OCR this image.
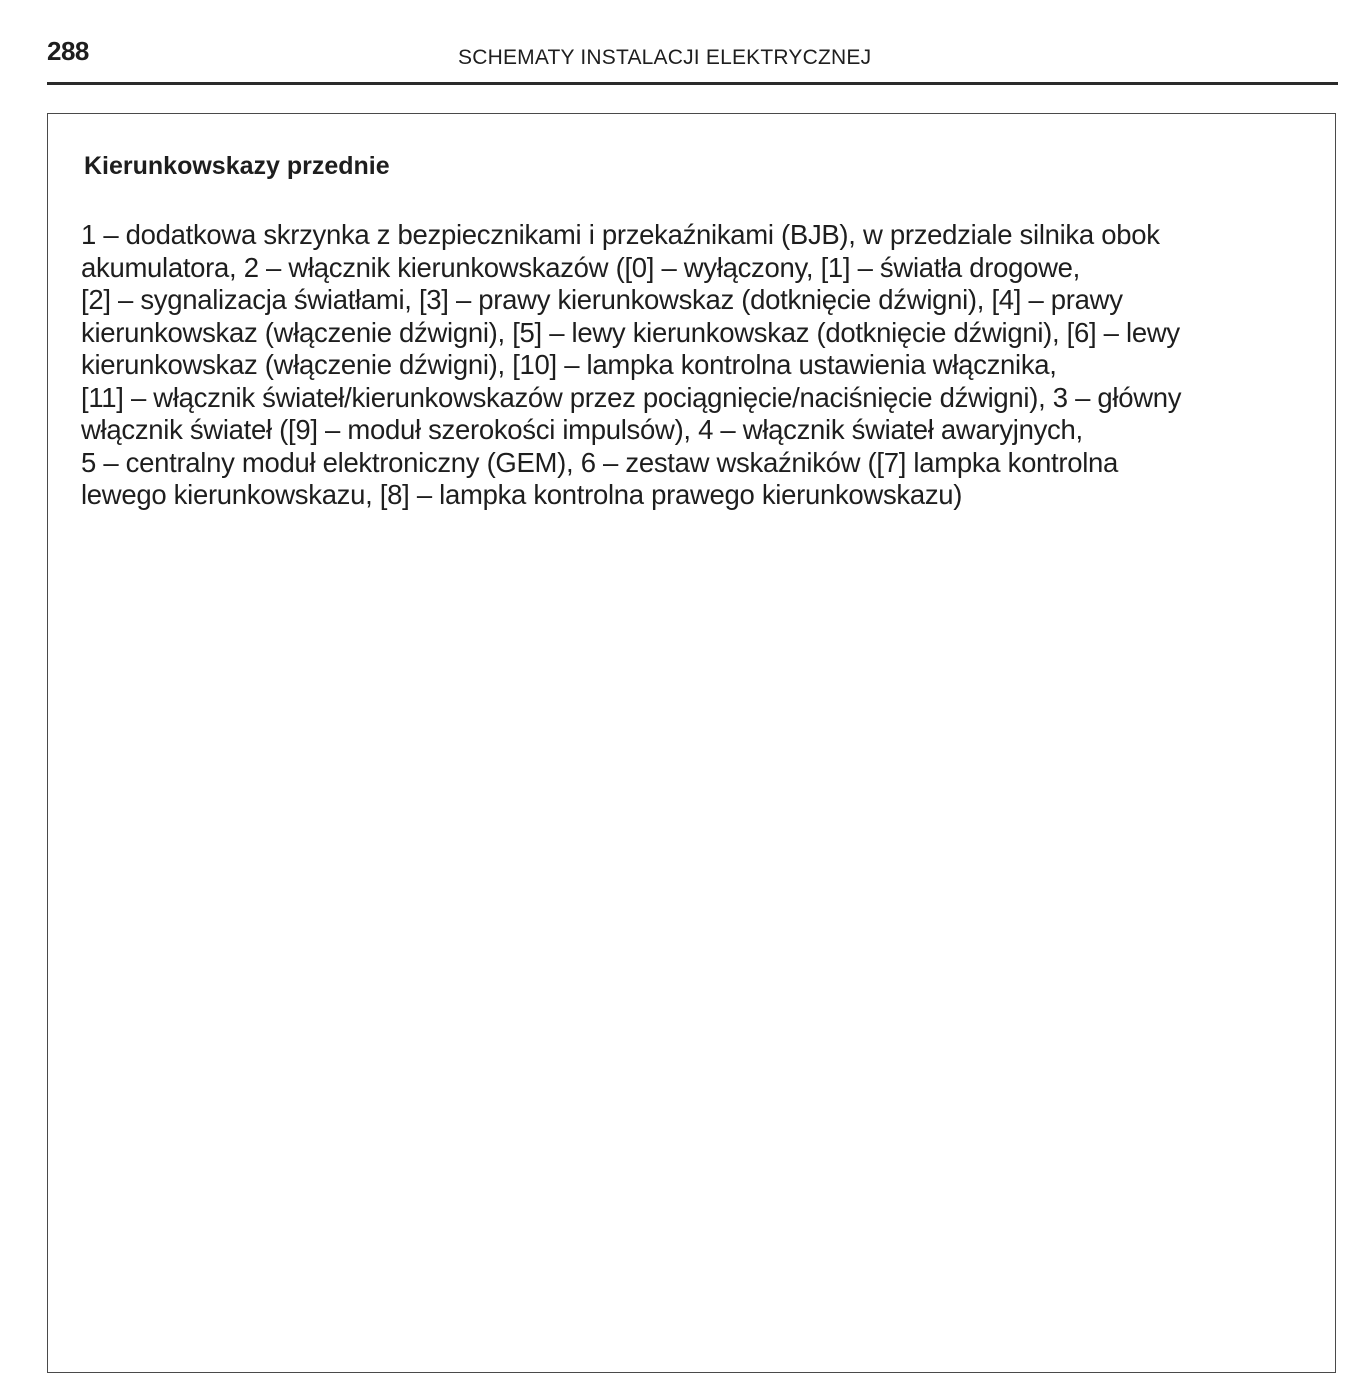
288	SCHEMATY INSTALACJI ELEKTRYCZNEJ
Kierunkowskazy przednie
1 – dodatkowa skrzynka z bezpiecznikami i przekaźnikami (BJB), w przedziale silnika obok
akumulatora, 2 – włącznik kierunkowskazów ([0] – wyłączony, [1] – światła drogowe,
[2] – sygnalizacja światłami, [3] – prawy kierunkowskaz (dotknięcie dźwigni), [4] – prawy
kierunkowskaz (włączenie dźwigni), [5] – lewy kierunkowskaz (dotknięcie dźwigni), [6] – lewy
kierunkowskaz (włączenie dźwigni), [10] – lampka kontrolna ustawienia włącznika,
[11] – włącznik świateł/kierunkowskazów przez pociągnięcie/naciśnięcie dźwigni), 3 – główny
włącznik świateł ([9] – moduł szerokości impulsów), 4 – włącznik świateł awaryjnych,
5 – centralny moduł elektroniczny (GEM), 6 – zestaw wskaźników ([7] lampka kontrolna
lewego kierunkowskazu, [8] – lampka kontrolna prawego kierunkowskazu)
